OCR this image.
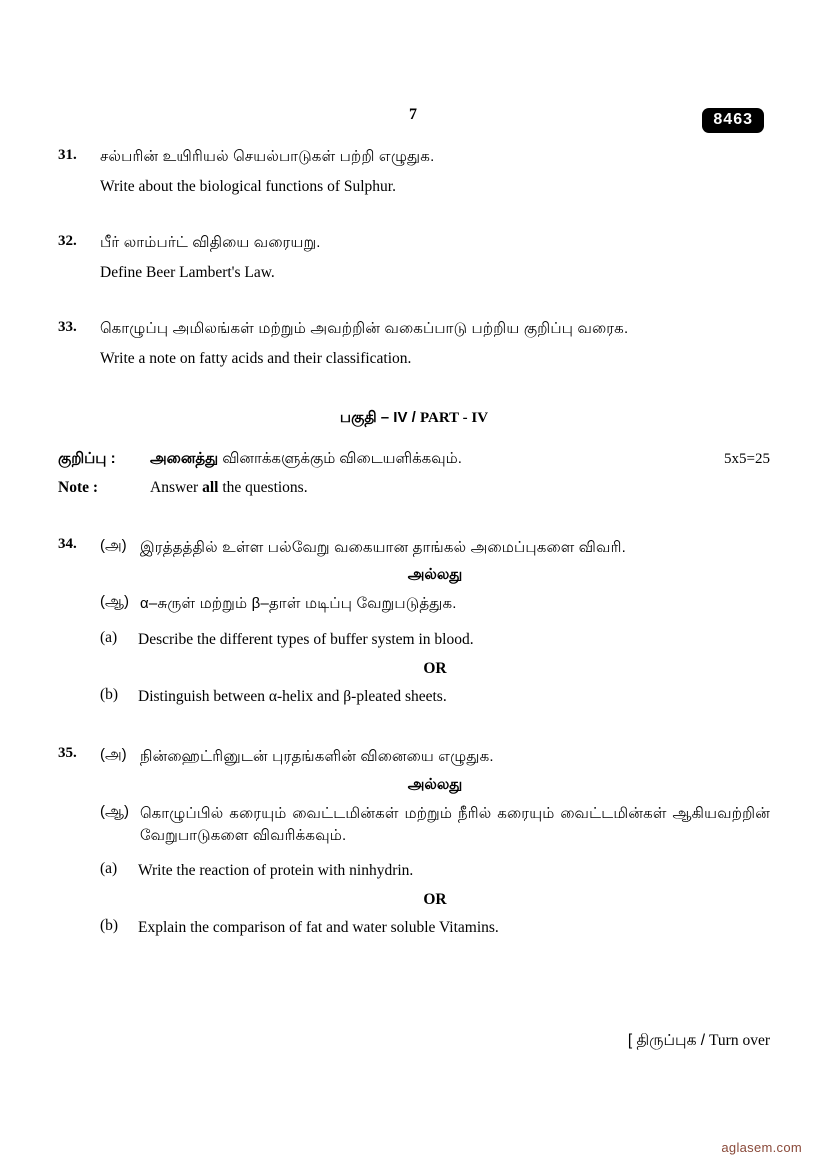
7	8463
31.	சல்பரின் உயிரியல் செயல்பாடுகள் பற்றி எழுதுக.
Write about the biological functions of Sulphur.
32.	பீர் லாம்பர்ட் விதியை வரையறு.
Define Beer Lambert's Law.
33.	கொழுப்பு அமிலங்கள் மற்றும் அவற்றின் வகைப்பாடு பற்றிய குறிப்பு வரைக.
Write a note on fatty acids and their classification.
பகுதி – IV / PART - IV
குறிப்பு :	அனைத்து வினாக்களுக்கும் விடையளிக்கவும்.	5x5=25
Note :	Answer all the questions.
34.	(அ) இரத்தத்தில் உள்ள பல்வேறு வகையான தாங்கல் அமைப்புகளை விவரி.
அல்லது
(ஆ) α–சுருள் மற்றும் β–தாள் மடிப்பு வேறுபடுத்துக.
(a)	Describe the different types of buffer system in blood.
OR
(b)	Distinguish between α-helix and β-pleated sheets.
35.	(அ) நின்ஹைட்ரினுடன் புரதங்களின் வினையை எழுதுக.
அல்லது
(ஆ) கொழுப்பில் கரையும் வைட்டமின்கள் மற்றும் நீரில் கரையும் வைட்டமின்கள் ஆகியவற்றின் வேறுபாடுகளை விவரிக்கவும்.
(a)	Write the reaction of protein with ninhydrin.
OR
(b)	Explain the comparison of fat and water soluble Vitamins.
[ திருப்புக / Turn over
aglasem.com
